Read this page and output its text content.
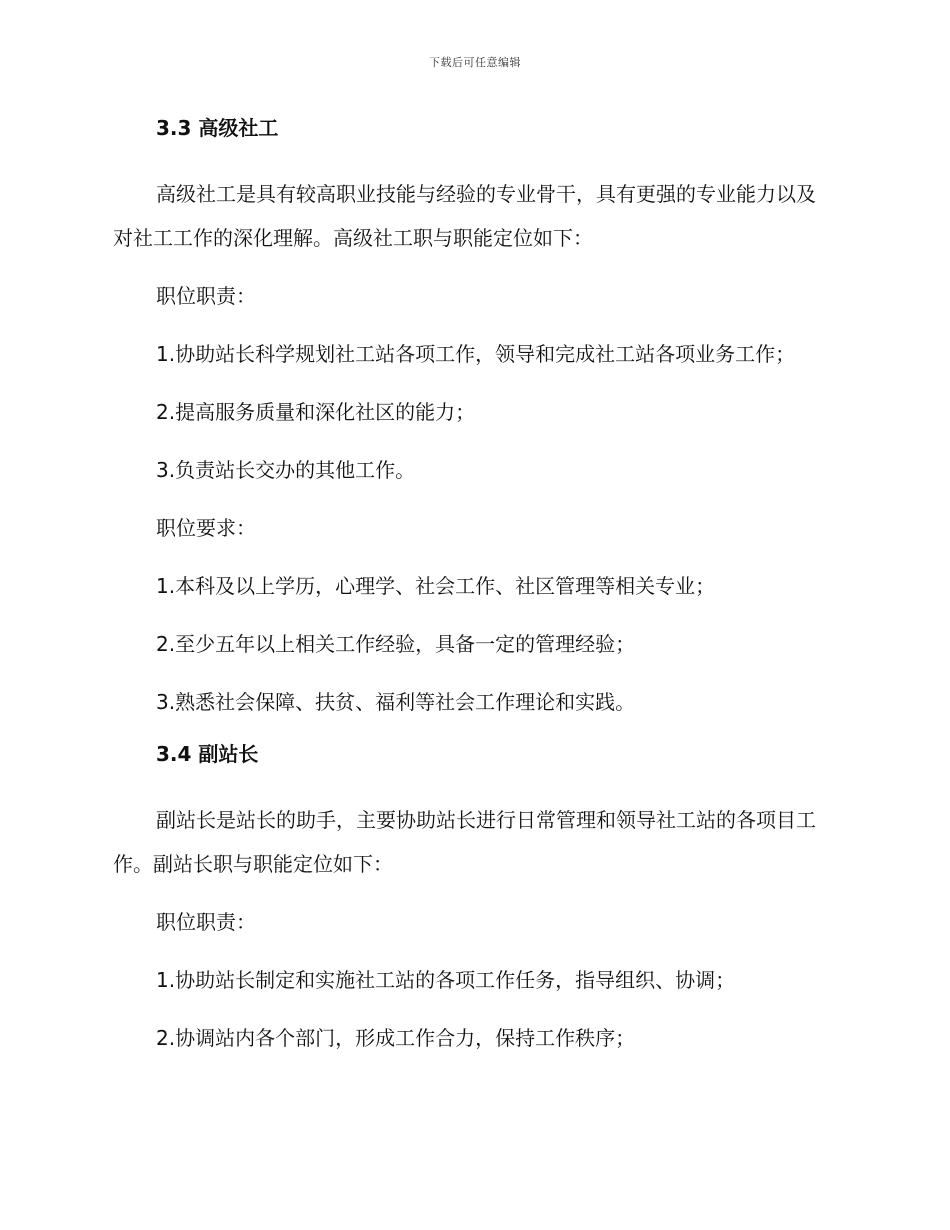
下载后可任意编辑
3.3 高级社工

高级社工是具有较高职业技能与经验的专业骨干，具有更强的专业能力以及对社工工作的深化理解。高级社工职与职能定位如下：

职位职责：

1.协助站长科学规划社工站各项工作，领导和完成社工站各项业务工作；

2.提高服务质量和深化社区的能力；

3.负责站长交办的其他工作。

职位要求：

1.本科及以上学历，心理学、社会工作、社区管理等相关专业；

2.至少五年以上相关工作经验，具备一定的管理经验；

3.熟悉社会保障、扶贫、福利等社会工作理论和实践。

3.4 副站长

副站长是站长的助手，主要协助站长进行日常管理和领导社工站的各项目工作。副站长职与职能定位如下：

职位职责：

1.协助站长制定和实施社工站的各项工作任务，指导组织、协调；

2.协调站内各个部门，形成工作合力，保持工作秩序；
